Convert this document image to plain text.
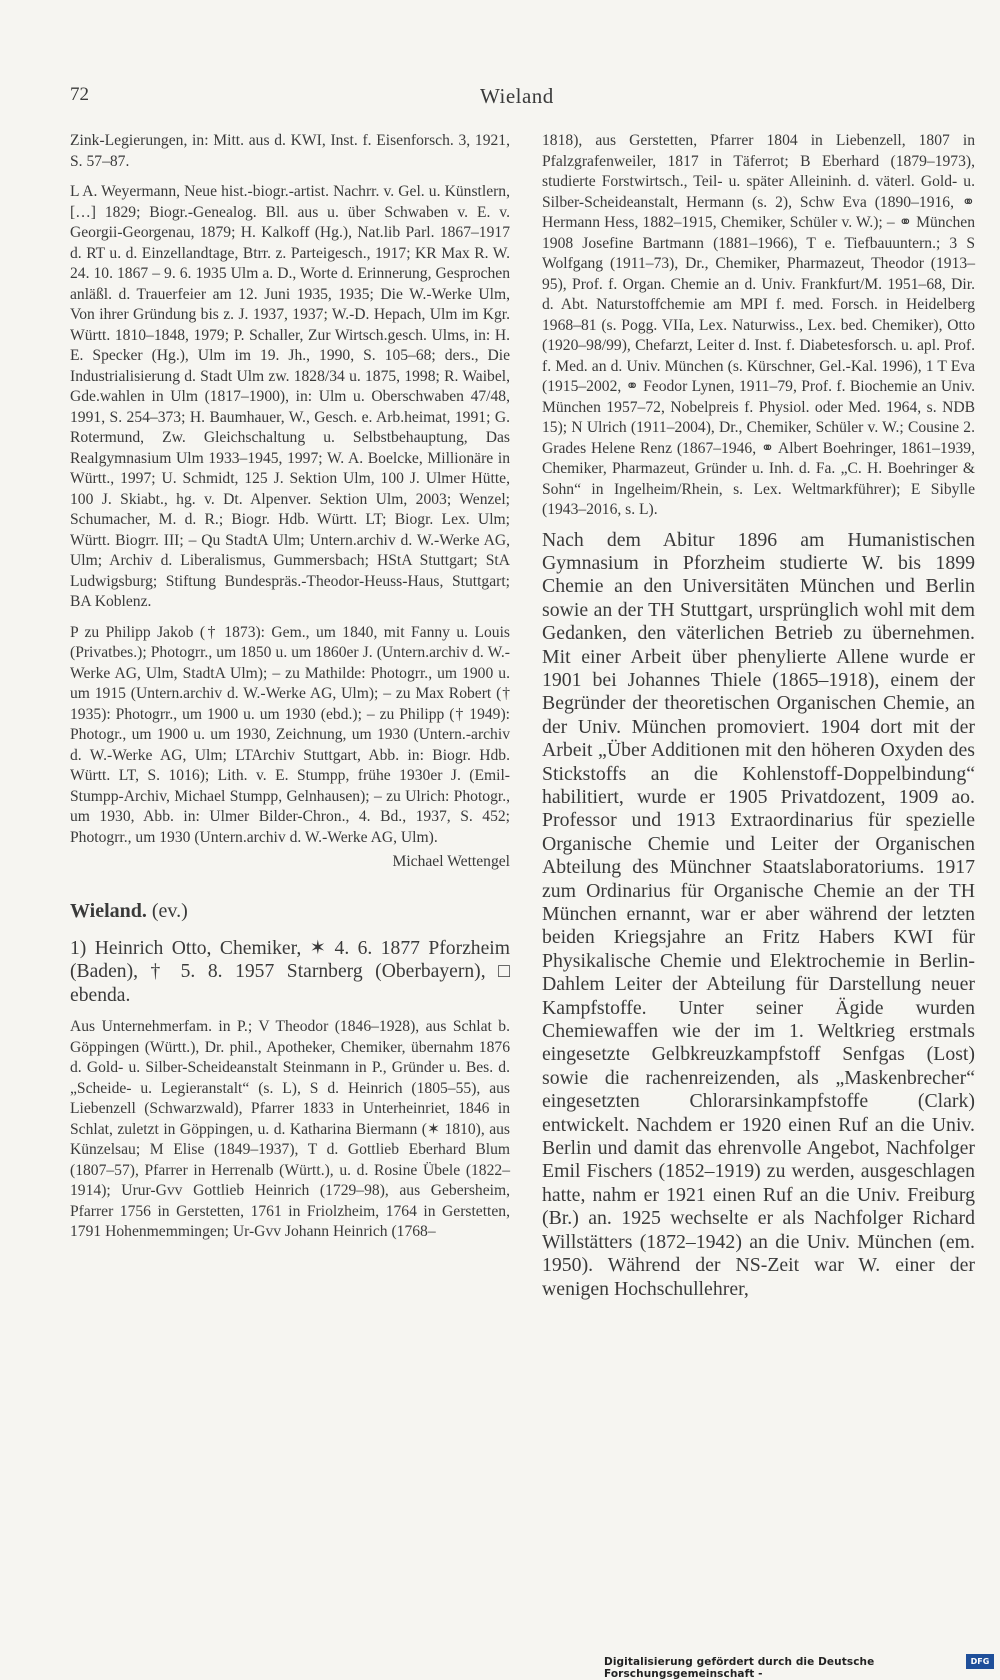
72	Wieland

Zink-Legierungen, in: Mitt. aus d. KWI, Inst. f. Eisenforsch. 3, 1921, S. 57–87.

L A. Weyermann, Neue hist.-biogr.-artist. Nachrr. v. Gel. u. Künstlern, […] 1829; Biogr.-Genealog. Bll. aus u. über Schwaben v. E. v. Georgii-Georgenau, 1879; H. Kalkoff (Hg.), Nat.lib Parl. 1867–1917 d. RT u. d. Einzellandtage, Btrr. z. Parteigesch., 1917; KR Max R. W. 24. 10. 1867 – 9. 6. 1935 Ulm a. D., Worte d. Erinnerung, Gesprochen anläßl. d. Trauerfeier am 12. Juni 1935, 1935; Die W.-Werke Ulm, Von ihrer Gründung bis z. J. 1937, 1937; W.-D. Hepach, Ulm im Kgr. Württ. 1810–1848, 1979; P. Schaller, Zur Wirtsch.gesch. Ulms, in: H. E. Specker (Hg.), Ulm im 19. Jh., 1990, S. 105–68; ders., Die Industrialisierung d. Stadt Ulm zw. 1828/34 u. 1875, 1998; R. Waibel, Gde.wahlen in Ulm (1817–1900), in: Ulm u. Oberschwaben 47/48, 1991, S. 254–373; H. Baumhauer, W., Gesch. e. Arb.heimat, 1991; G. Rotermund, Zw. Gleichschaltung u. Selbstbehauptung, Das Realgymnasium Ulm 1933–1945, 1997; W. A. Boelcke, Millionäre in Württ., 1997; U. Schmidt, 125 J. Sektion Ulm, 100 J. Ulmer Hütte, 100 J. Skiabt., hg. v. Dt. Alpenver. Sektion Ulm, 2003; Wenzel; Schumacher, M. d. R.; Biogr. Hdb. Württ. LT; Biogr. Lex. Ulm; Württ. Biogrr. III; – Qu StadtA Ulm; Untern.archiv d. W.-Werke AG, Ulm; Archiv d. Liberalismus, Gummersbach; HStA Stuttgart; StA Ludwigsburg; Stiftung Bundespräs.-Theodor-Heuss-Haus, Stuttgart; BA Koblenz.

P zu Philipp Jakob († 1873): Gem., um 1840, mit Fanny u. Louis (Privatbes.); Photogrr., um 1850 u. um 1860er J. (Untern.archiv d. W.-Werke AG, Ulm, StadtA Ulm); – zu Mathilde: Photogrr., um 1900 u. um 1915 (Untern.archiv d. W.-Werke AG, Ulm); – zu Max Robert († 1935): Photogrr., um 1900 u. um 1930 (ebd.); – zu Philipp († 1949): Photogr., um 1900 u. um 1930, Zeichnung, um 1930 (Untern.-archiv d. W.-Werke AG, Ulm; LTArchiv Stuttgart, Abb. in: Biogr. Hdb. Württ. LT, S. 1016); Lith. v. E. Stumpp, frühe 1930er J. (Emil-Stumpp-Archiv, Michael Stumpp, Gelnhausen); – zu Ulrich: Photogr., um 1930, Abb. in: Ulmer Bilder-Chron., 4. Bd., 1937, S. 452; Photogrr., um 1930 (Untern.archiv d. W.-Werke AG, Ulm).

Michael Wettengel

Wieland. (ev.)

1) Heinrich Otto, Chemiker, ✶ 4. 6. 1877 Pforzheim (Baden), † 5. 8. 1957 Starnberg (Oberbayern), □ ebenda.

Aus Unternehmerfam. in P.; V Theodor (1846–1928), aus Schlat b. Göppingen (Württ.), Dr. phil., Apotheker, Chemiker, übernahm 1876 d. Gold- u. Silber-Scheideanstalt Steinmann in P., Gründer u. Bes. d. „Scheide- u. Legieranstalt“ (s. L), S d. Heinrich (1805–55), aus Liebenzell (Schwarzwald), Pfarrer 1833 in Unterheinriet, 1846 in Schlat, zuletzt in Göppingen, u. d. Katharina Biermann (✶ 1810), aus Künzelsau; M Elise (1849–1937), T d. Gottlieb Eberhard Blum (1807–57), Pfarrer in Herrenalb (Württ.), u. d. Rosine Übele (1822–1914); Urur-Gvv Gottlieb Heinrich (1729–98), aus Gebersheim, Pfarrer 1756 in Gerstetten, 1761 in Friolzheim, 1764 in Gerstetten, 1791 Hohenmemmingen; Ur-Gvv Johann Heinrich (1768–

1818), aus Gerstetten, Pfarrer 1804 in Liebenzell, 1807 in Pfalzgrafenweiler, 1817 in Täferrot; B Eberhard (1879–1973), studierte Forstwirtsch., Teil- u. später Alleininh. d. väterl. Gold- u. Silber-Scheideanstalt, Hermann (s. 2), Schw Eva (1890–1916, ⚭ Hermann Hess, 1882–1915, Chemiker, Schüler v. W.); – ⚭ München 1908 Josefine Bartmann (1881–1966), T e. Tiefbauuntern.; 3 S Wolfgang (1911–73), Dr., Chemiker, Pharmazeut, Theodor (1913–95), Prof. f. Organ. Chemie an d. Univ. Frankfurt/M. 1951–68, Dir. d. Abt. Naturstoffchemie am MPI f. med. Forsch. in Heidelberg 1968–81 (s. Pogg. VIIa, Lex. Naturwiss., Lex. bed. Chemiker), Otto (1920–98/99), Chefarzt, Leiter d. Inst. f. Diabetesforsch. u. apl. Prof. f. Med. an d. Univ. München (s. Kürschner, Gel.-Kal. 1996), 1 T Eva (1915–2002, ⚭ Feodor Lynen, 1911–79, Prof. f. Biochemie an Univ. München 1957–72, Nobelpreis f. Physiol. oder Med. 1964, s. NDB 15); N Ulrich (1911–2004), Dr., Chemiker, Schüler v. W.; Cousine 2. Grades Helene Renz (1867–1946, ⚭ Albert Boehringer, 1861–1939, Chemiker, Pharmazeut, Gründer u. Inh. d. Fa. „C. H. Boehringer & Sohn“ in Ingelheim/Rhein, s. Lex. Weltmarkführer); E Sibylle (1943–2016, s. L).

Nach dem Abitur 1896 am Humanistischen Gymnasium in Pforzheim studierte W. bis 1899 Chemie an den Universitäten München und Berlin sowie an der TH Stuttgart, ursprünglich wohl mit dem Gedanken, den väterlichen Betrieb zu übernehmen. Mit einer Arbeit über phenylierte Allene wurde er 1901 bei Johannes Thiele (1865–1918), einem der Begründer der theoretischen Organischen Chemie, an der Univ. München promoviert. 1904 dort mit der Arbeit „Über Additionen mit den höheren Oxyden des Stickstoffs an die Kohlenstoff-Doppelbindung“ habilitiert, wurde er 1905 Privatdozent, 1909 ao. Professor und 1913 Extraordinarius für spezielle Organische Chemie und Leiter der Organischen Abteilung des Münchner Staatslaboratoriums. 1917 zum Ordinarius für Organische Chemie an der TH München ernannt, war er aber während der letzten beiden Kriegsjahre an Fritz Habers KWI für Physikalische Chemie und Elektrochemie in Berlin-Dahlem Leiter der Abteilung für Darstellung neuer Kampfstoffe. Unter seiner Ägide wurden Chemiewaffen wie der im 1. Weltkrieg erstmals eingesetzte Gelbkreuzkampfstoff Senfgas (Lost) sowie die rachenreizenden, als „Maskenbrecher“ eingesetzten Chlorarsinkampfstoffe (Clark) entwickelt. Nachdem er 1920 einen Ruf an die Univ. Berlin und damit das ehrenvolle Angebot, Nachfolger Emil Fischers (1852–1919) zu werden, ausgeschlagen hatte, nahm er 1921 einen Ruf an die Univ. Freiburg (Br.) an. 1925 wechselte er als Nachfolger Richard Willstätters (1872–1942) an die Univ. München (em. 1950). Während der NS-Zeit war W. einer der wenigen Hochschullehrer,

Digitalisierung gefördert durch die Deutsche Forschungsgemeinschaft -
DFG
